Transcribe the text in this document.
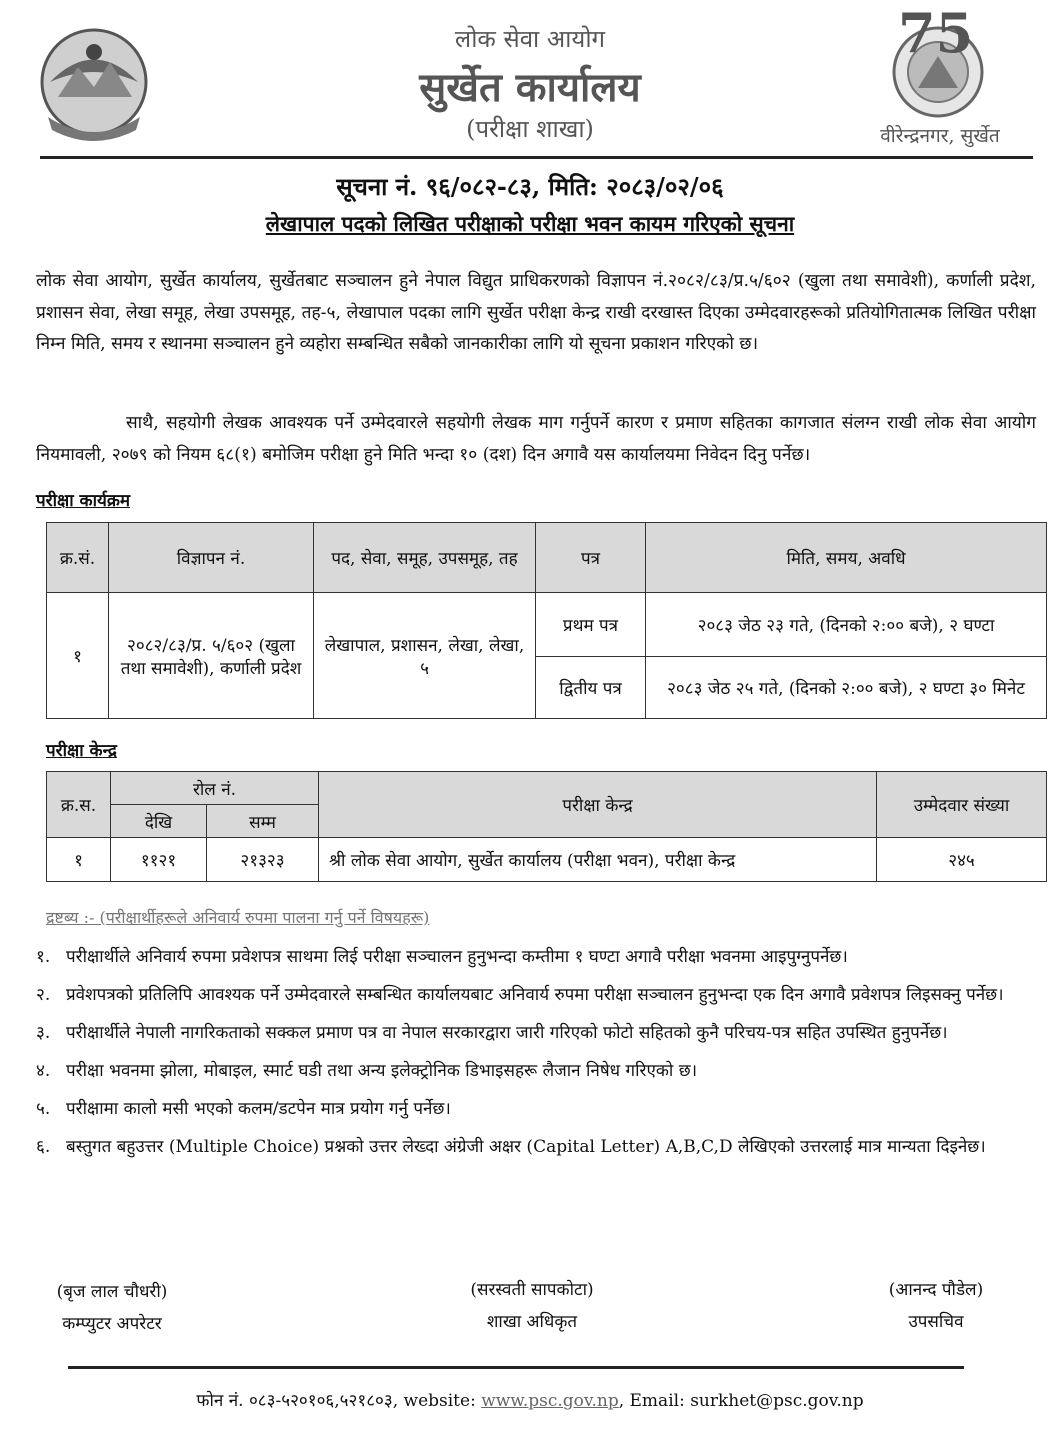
75
लोक सेवा आयोग
सुर्खेत कार्यालय
(परीक्षा शाखा)	वीरेन्द्रनगर, सुर्खेत
सूचना नं. ९६/०८२-८३, मिति: २०८३/०२/०६
लेखापाल पदको लिखित परीक्षाको परीक्षा भवन कायम गरिएको सूचना
लोक सेवा आयोग, सुर्खेत कार्यालय, सुर्खेतबाट सञ्चालन हुने नेपाल विद्युत प्राधिकरणको विज्ञापन नं.२०८२/८३/प्र.५/६०२ (खुला तथा समावेशी), कर्णाली प्रदेश, प्रशासन सेवा, लेखा समूह, लेखा उपसमूह, तह-५, लेखापाल पदका लागि सुर्खेत परीक्षा केन्द्र राखी दरखास्त दिएका उम्मेदवारहरूको प्रतियोगितात्मक लिखित परीक्षा निम्न मिति, समय र स्थानमा सञ्चालन हुने व्यहोरा सम्बन्धित सबैको जानकारीका लागि यो सूचना प्रकाशन गरिएको छ।
साथै, सहयोगी लेखक आवश्यक पर्ने उम्मेदवारले सहयोगी लेखक माग गर्नुपर्ने कारण र प्रमाण सहितका कागजात संलग्न राखी लोक सेवा आयोग नियमावली, २०७९ को नियम ६८(१) बमोजिम परीक्षा हुने मिति भन्दा १० (दश) दिन अगावै यस कार्यालयमा निवेदन दिनु पर्नेछ।
परीक्षा कार्यक्रम
क्र.सं.	विज्ञापन नं.	पद, सेवा, समूह, उपसमूह, तह	पत्र	मिति, समय, अवधि
१	२०८२/८३/प्र. ५/६०२ (खुला तथा समावेशी), कर्णाली प्रदेश	लेखापाल, प्रशासन, लेखा, लेखा, ५	प्रथम पत्र	२०८३ जेठ २३ गते, (दिनको २:०० बजे), २ घण्टा
			द्वितीय पत्र	२०८३ जेठ २५ गते, (दिनको २:०० बजे), २ घण्टा ३० मिनेट
परीक्षा केन्द्र
क्र.स.	रोल नं.		परीक्षा केन्द्र	उम्मेदवार संख्या
	देखि	सम्म		
१	११२१	२१३२३	श्री लोक सेवा आयोग, सुर्खेत कार्यालय (परीक्षा भवन), परीक्षा केन्द्र	२४५
द्रष्टब्य :- (परीक्षार्थीहरूले अनिवार्य रुपमा पालना गर्नु पर्ने विषयहरू)
१. परीक्षार्थीले अनिवार्य रुपमा प्रवेशपत्र साथमा लिई परीक्षा सञ्चालन हुनुभन्दा कम्तीमा १ घण्टा अगावै परीक्षा भवनमा आइपुग्नुपर्नेछ।
२. प्रवेशपत्रको प्रतिलिपि आवश्यक पर्ने उम्मेदवारले सम्बन्धित कार्यालयबाट अनिवार्य रुपमा परीक्षा सञ्चालन हुनुभन्दा एक दिन अगावै प्रवेशपत्र लिइसक्नु पर्नेछ।
३. परीक्षार्थीले नेपाली नागरिकताको सक्कल प्रमाण पत्र वा नेपाल सरकारद्वारा जारी गरिएको फोटो सहितको कुनै परिचय-पत्र सहित उपस्थित हुनुपर्नेछ।
४. परीक्षा भवनमा झोला, मोबाइल, स्मार्ट घडी तथा अन्य इलेक्ट्रोनिक डिभाइसहरू लैजान निषेध गरिएको छ।
५. परीक्षामा कालो मसी भएको कलम/डटपेन मात्र प्रयोग गर्नु पर्नेछ।
६. बस्तुगत बहुउत्तर (Multiple Choice) प्रश्नको उत्तर लेख्दा अंग्रेजी अक्षर (Capital Letter) A,B,C,D लेखिएको उत्तरलाई मात्र मान्यता दिइनेछ।
(बृज लाल चौधरी)
कम्प्युटर अपरेटर
(सरस्वती सापकोटा)
शाखा अधिकृत
(आनन्द पौडेल)
उपसचिव
फोन नं. ०८३-५२०१०६,५२१८०३, website: www.psc.gov.np, Email: surkhet@psc.gov.np
